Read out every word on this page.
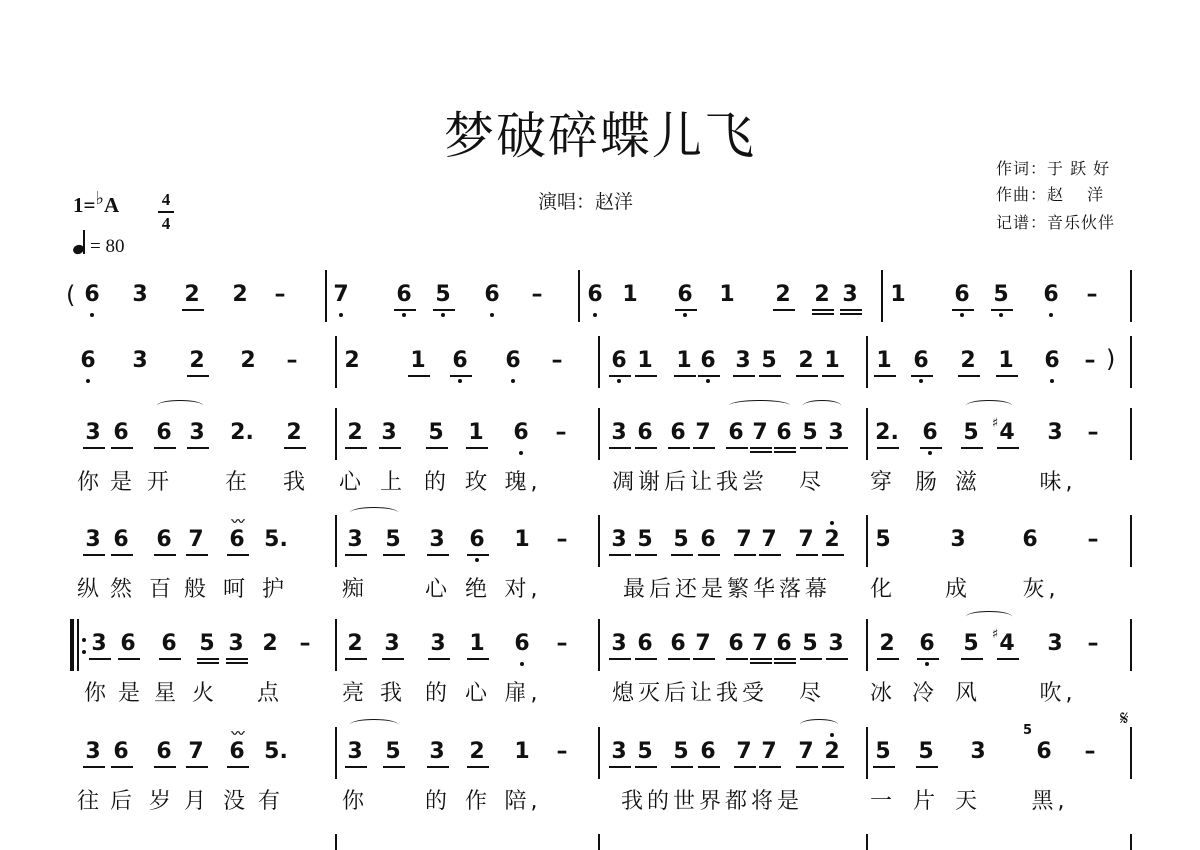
梦破碎蝶儿飞
演唱：赵洋
作词：于 跃 好
作曲：赵　 洋
记谱：音乐伙伴
1=♭A	4
4
= 80
( 6 3 2 2 – 7 6 5 6 – 6 1 6 1 2 2 3 1 6 5 6 –
)
6 3 2 2 – 2 1 6 6 – 6 1 1 6 3 5 2 1 1 6 2 1 6 –
3 6 6 3 2. 2 2 3 5 1 6 – 3 6 6 7 6 7 6 5 3 2. 6 5 4
♯ 3 –
你 是 开 在 我 心 上 的 玫 瑰,	凋谢后让我尝 尽 穿 肠 滋	味,
3 6 6 7 6
〰
5.	3 5 3 6 1 – 3 5 5 6 7 7 7 2 5	3	6 –
纵 然 百 般 呵 护 痴	心 绝 对,	最后还是繁华落幕 化 成 灰,
3 6 6 5 3 2 – 2 3 3 1 6 – 3 6 6 7 6 7 6 5 3 2 6 5 4
♯ 3 –
你 是 星 火 点	亮 我 的 心 扉,	熄灭后让我受 尽 冰 冷 风	吹,
3 6 6 7 6
〰
5.	3 5 3 2 1 – 3 5 5 6 7 7 7 2 5 5 3 6 –
往 后 岁 月 没 有	你	的 作 陪,	我的世界都将是	一 片 天 黑,
5
𝄋
